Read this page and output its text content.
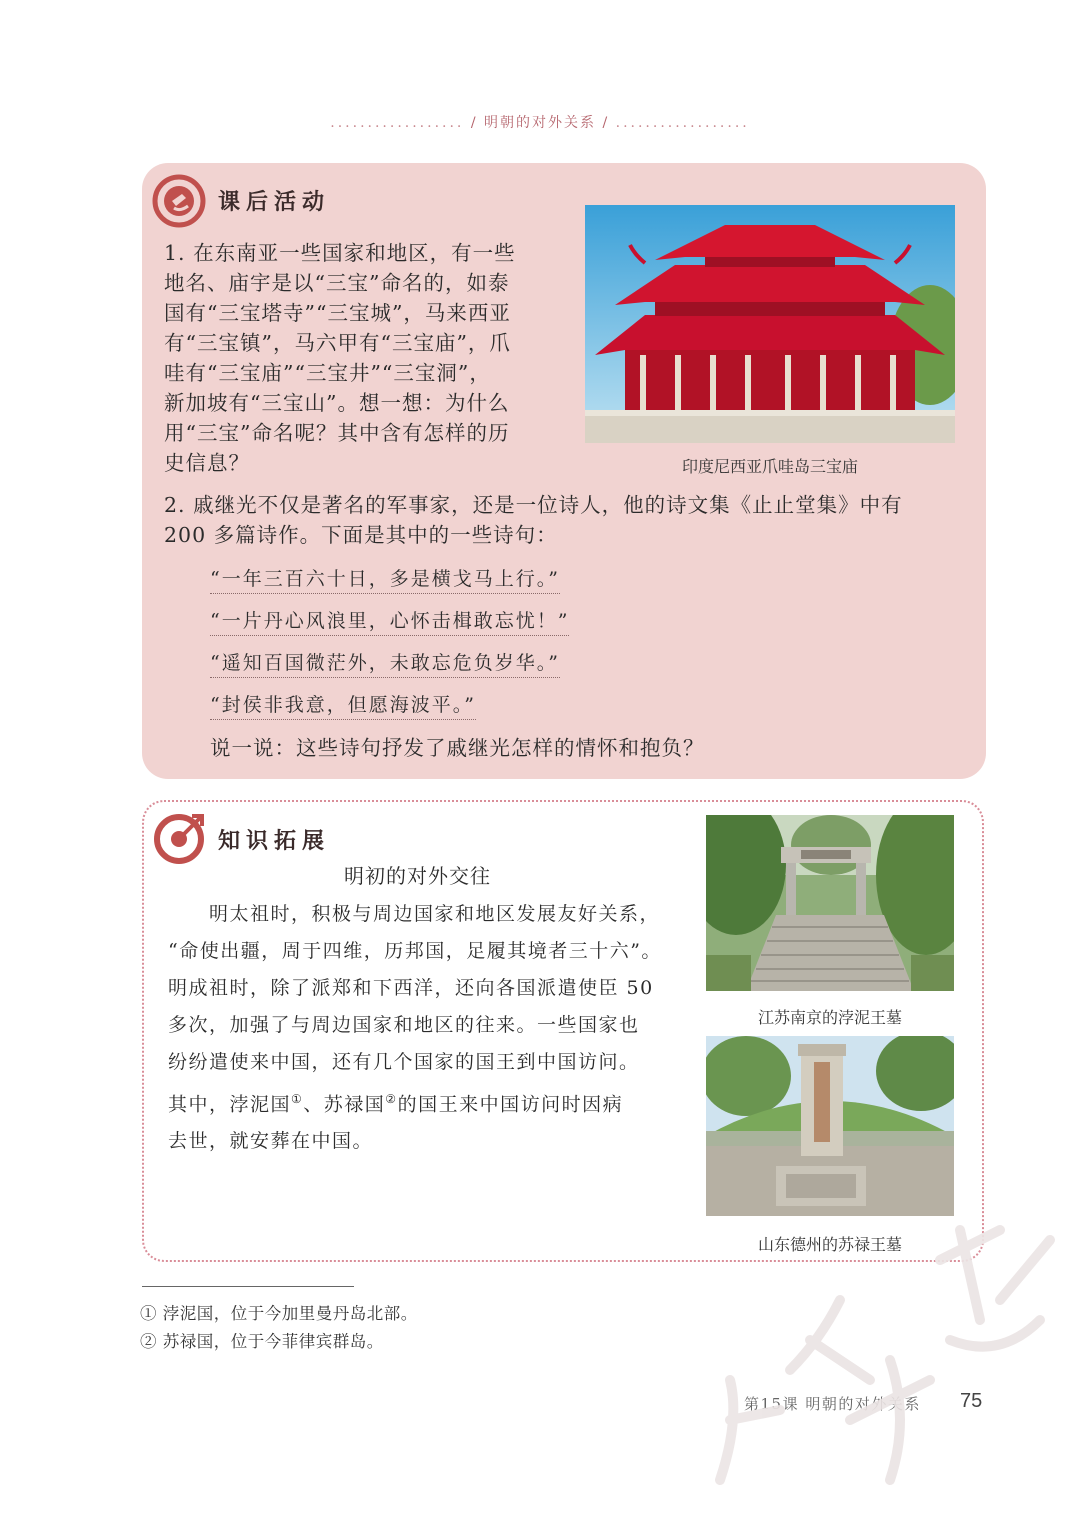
.................. / 明朝的对外关系 / ..................
课后活动
1. 在东南亚一些国家和地区，有一些
地名、庙宇是以“三宝”命名的，如泰
国有“三宝塔寺”“三宝城”，马来西亚
有“三宝镇”，马六甲有“三宝庙”，爪
哇有“三宝庙”“三宝井”“三宝洞”，
新加坡有“三宝山”。想一想：为什么
用“三宝”命名呢？其中含有怎样的历
史信息？	印度尼西亚爪哇岛三宝庙
2. 戚继光不仅是著名的军事家，还是一位诗人，他的诗文集《止止堂集》中有
200 多篇诗作。下面是其中的一些诗句：
“一年三百六十日，多是横戈马上行。”
“一片丹心风浪里，心怀击楫敢忘忧！”
“遥知百国微茫外，未敢忘危负岁华。”
“封侯非我意，但愿海波平。”
说一说：这些诗句抒发了戚继光怎样的情怀和抱负？
知识拓展
明初的对外交往
　　明太祖时，积极与周边国家和地区发展友好关系，
“命使出疆，周于四维，历邦国，足履其境者三十六”。
明成祖时，除了派郑和下西洋，还向各国派遣使臣 50
多次，加强了与周边国家和地区的往来。一些国家也
纷纷遣使来中国，还有几个国家的国王到中国访问。
其中，浡泥国①、苏禄国②的国王来中国访问时因病
去世，就安葬在中国。
江苏南京的浡泥王墓
山东德州的苏禄王墓
① 浡泥国，位于今加里曼丹岛北部。
② 苏禄国，位于今菲律宾群岛。
第15课 明朝的对外关系 75
